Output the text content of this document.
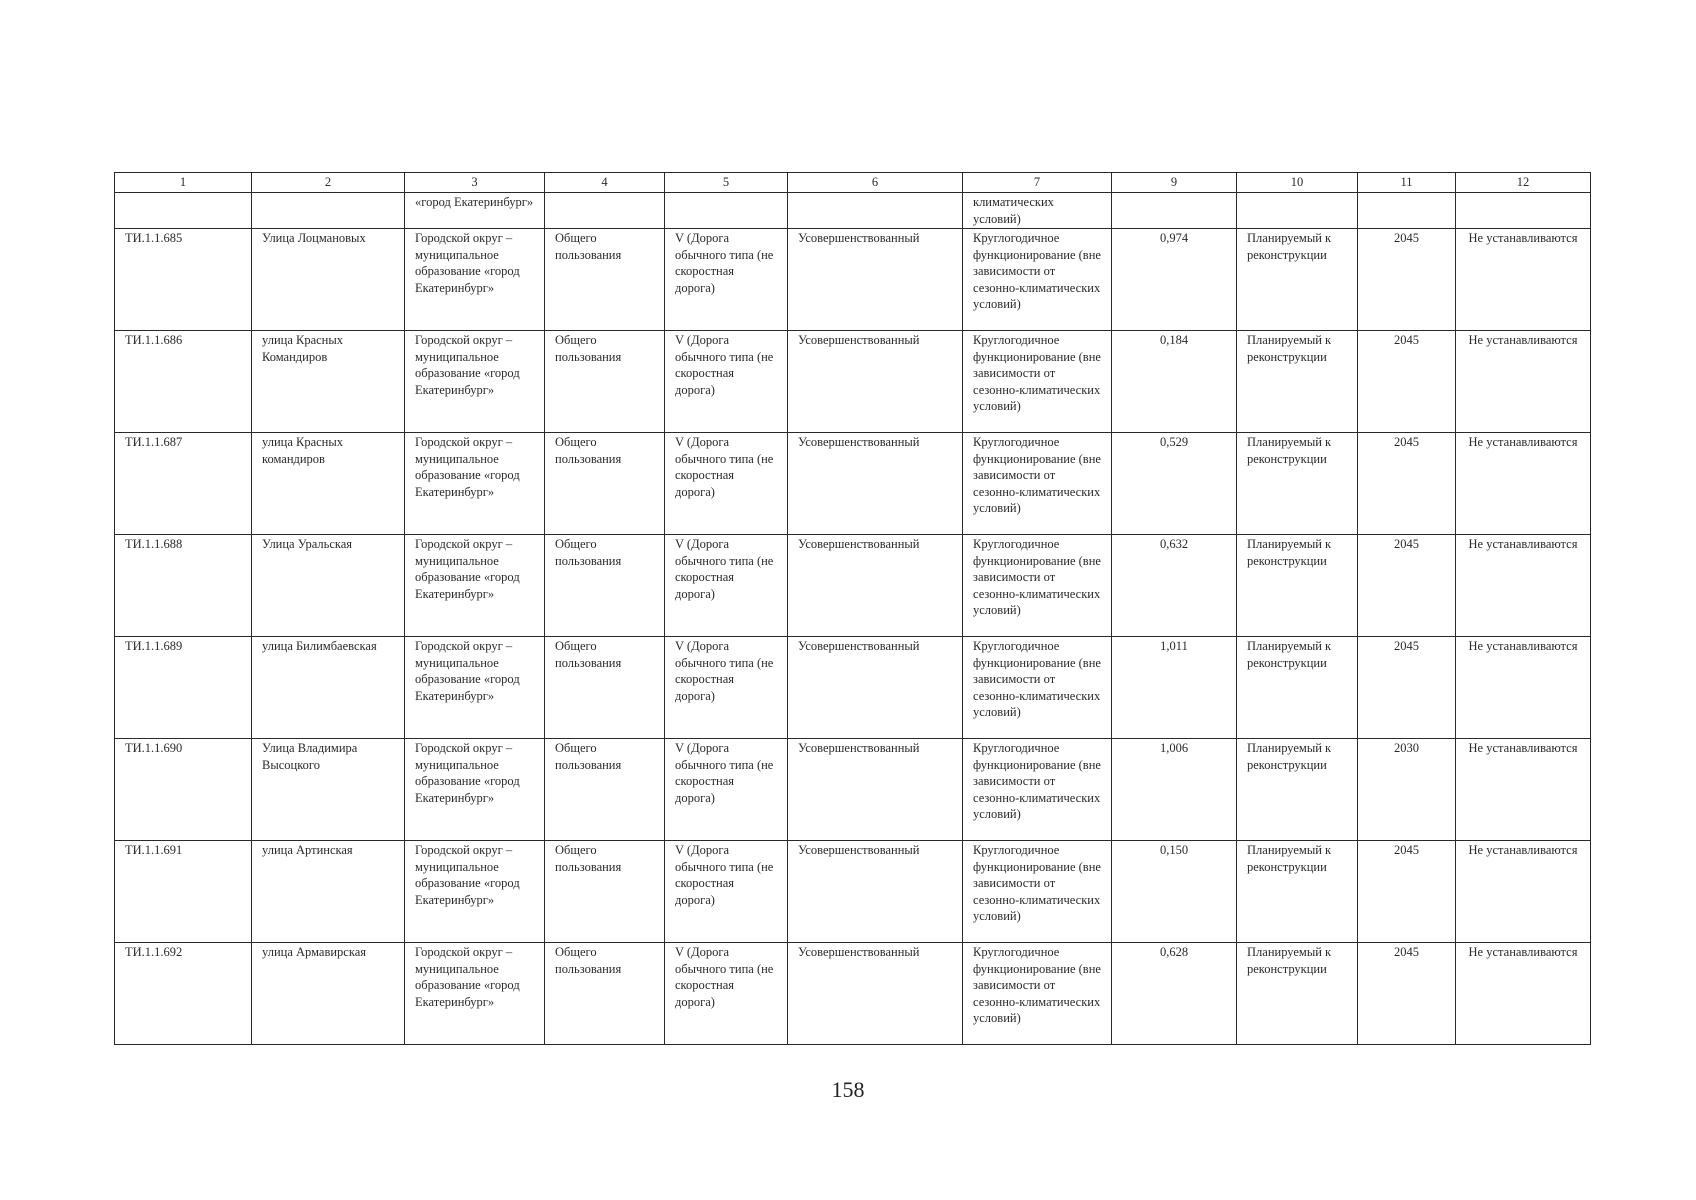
1	2	3	4	5	6	7	9	10	11	12
		«город Екатеринбург»				климатических условий)				
ТИ.1.1.685	Улица Лоцмановых	Городской округ – муниципальное образование «город Екатеринбург»	Общего пользования	V (Дорога обычного типа (не скоростная дорога)	Усовершенствованный	Круглогодичное функционирование (вне зависимости от сезонно-климатических условий)	0,974	Планируемый к реконструкции	2045	Не устанавливаются
ТИ.1.1.686	улица Красных Командиров	Городской округ – муниципальное образование «город Екатеринбург»	Общего пользования	V (Дорога обычного типа (не скоростная дорога)	Усовершенствованный	Круглогодичное функционирование (вне зависимости от сезонно-климатических условий)	0,184	Планируемый к реконструкции	2045	Не устанавливаются
ТИ.1.1.687	улица Красных командиров	Городской округ – муниципальное образование «город Екатеринбург»	Общего пользования	V (Дорога обычного типа (не скоростная дорога)	Усовершенствованный	Круглогодичное функционирование (вне зависимости от сезонно-климатических условий)	0,529	Планируемый к реконструкции	2045	Не устанавливаются
ТИ.1.1.688	Улица Уральская	Городской округ – муниципальное образование «город Екатеринбург»	Общего пользования	V (Дорога обычного типа (не скоростная дорога)	Усовершенствованный	Круглогодичное функционирование (вне зависимости от сезонно-климатических условий)	0,632	Планируемый к реконструкции	2045	Не устанавливаются
ТИ.1.1.689	улица Билимбаевская	Городской округ – муниципальное образование «город Екатеринбург»	Общего пользования	V (Дорога обычного типа (не скоростная дорога)	Усовершенствованный	Круглогодичное функционирование (вне зависимости от сезонно-климатических условий)	1,011	Планируемый к реконструкции	2045	Не устанавливаются
ТИ.1.1.690	Улица Владимира Высоцкого	Городской округ – муниципальное образование «город Екатеринбург»	Общего пользования	V (Дорога обычного типа (не скоростная дорога)	Усовершенствованный	Круглогодичное функционирование (вне зависимости от сезонно-климатических условий)	1,006	Планируемый к реконструкции	2030	Не устанавливаются
ТИ.1.1.691	улица Артинская	Городской округ – муниципальное образование «город Екатеринбург»	Общего пользования	V (Дорога обычного типа (не скоростная дорога)	Усовершенствованный	Круглогодичное функционирование (вне зависимости от сезонно-климатических условий)	0,150	Планируемый к реконструкции	2045	Не устанавливаются
ТИ.1.1.692	улица Армавирская	Городской округ – муниципальное образование «город Екатеринбург»	Общего пользования	V (Дорога обычного типа (не скоростная дорога)	Усовершенствованный	Круглогодичное функционирование (вне зависимости от сезонно-климатических условий)	0,628	Планируемый к реконструкции	2045	Не устанавливаются
158
